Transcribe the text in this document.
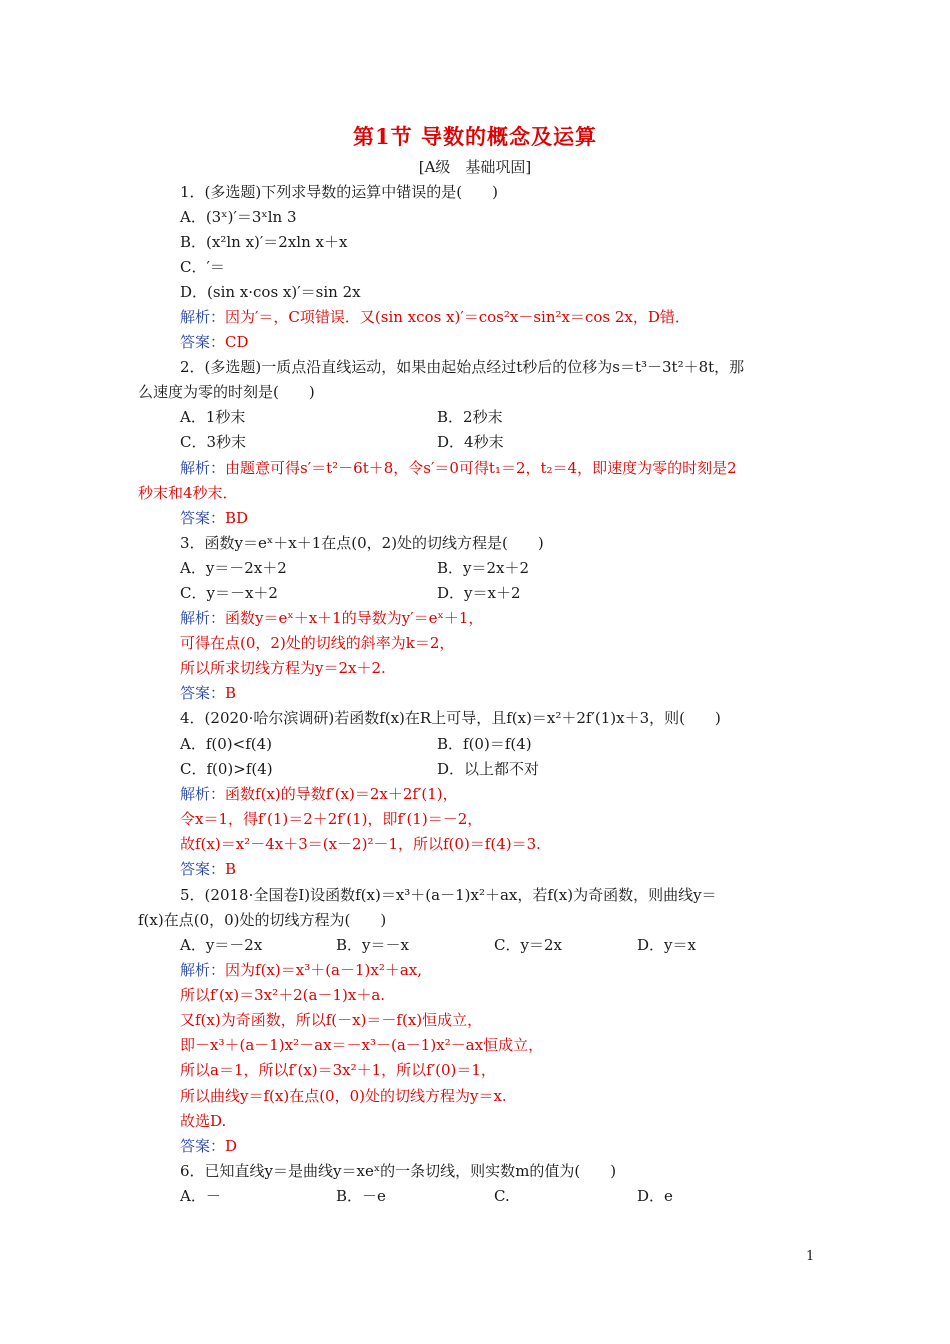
第1节 导数的概念及运算
[A级　基础巩固]
1．(多选题)下列求导数的运算中错误的是(　　)
A．(3ˣ)′＝3ˣln 3
B．(x²ln x)′＝2xln x＋x
C．′＝
D．(sin x·cos x)′＝sin 2x
解析：因为′＝，C项错误．又(sin xcos x)′＝cos²x－sin²x＝cos 2x，D错．
答案：CD
2．(多选题)一质点沿直线运动，如果由起始点经过t秒后的位移为s＝t³－3t²＋8t，那
么速度为零的时刻是(　　)
A．1秒末	B．2秒末
C．3秒末	D．4秒末
解析：由题意可得s′＝t²－6t＋8，令s′＝0可得t₁＝2，t₂＝4，即速度为零的时刻是2
秒末和4秒末．
答案：BD
3．函数y＝eˣ＋x＋1在点(0，2)处的切线方程是(　　)
A．y＝－2x＋2	B．y＝2x＋2
C．y＝－x＋2	D．y＝x＋2
解析：函数y＝eˣ＋x＋1的导数为y′＝eˣ＋1，
可得在点(0，2)处的切线的斜率为k＝2，
所以所求切线方程为y＝2x＋2.
答案：B
4．(2020·哈尔滨调研)若函数f(x)在R上可导，且f(x)＝x²＋2f′(1)x＋3，则(　　)
A．f(0)<f(4)	B．f(0)＝f(4)
C．f(0)>f(4)	D．以上都不对
解析：函数f(x)的导数f′(x)＝2x＋2f′(1)，
令x＝1，得f′(1)＝2＋2f′(1)，即f′(1)＝－2，
故f(x)＝x²－4x＋3＝(x－2)²－1，所以f(0)＝f(4)＝3.
答案：B
5．(2018·全国卷Ⅰ)设函数f(x)＝x³＋(a－1)x²＋ax，若f(x)为奇函数，则曲线y＝
f(x)在点(0，0)处的切线方程为(　　)
A．y＝－2x	B．y＝－x	C．y＝2x	D．y＝x
解析：因为f(x)＝x³＋(a－1)x²＋ax,
所以f′(x)＝3x²＋2(a－1)x＋a.
又f(x)为奇函数，所以f(－x)＝－f(x)恒成立，
即－x³＋(a－1)x²－ax＝－x³－(a－1)x²－ax恒成立，
所以a＝1，所以f′(x)＝3x²＋1，所以f′(0)＝1，
所以曲线y＝f(x)在点(0，0)处的切线方程为y＝x.
故选D.
答案：D
6．已知直线y＝是曲线y＝xeˣ的一条切线，则实数m的值为(　　)
A．－	B．－e	C.	D．e
1
